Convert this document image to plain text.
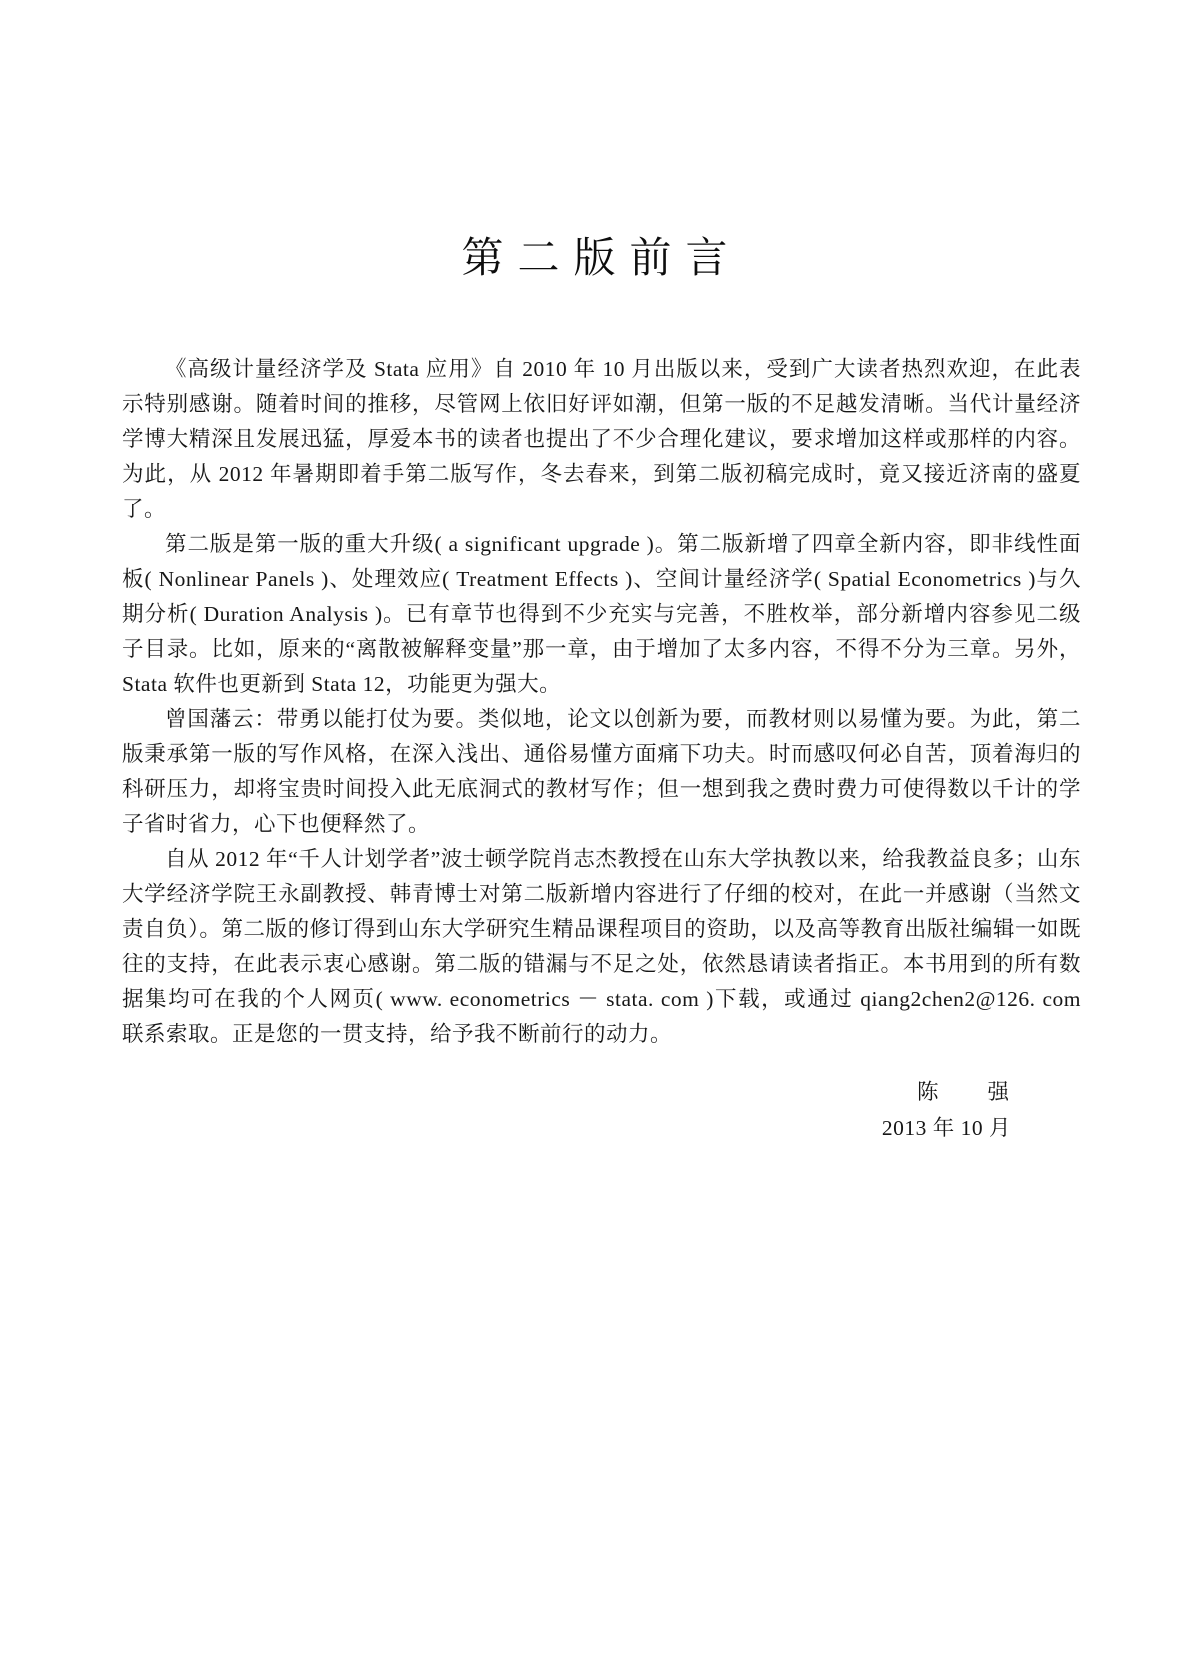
第二版前言

《高级计量经济学及 Stata 应用》自 2010 年 10 月出版以来，受到广大读者热烈欢迎，在此表示特别感谢。随着时间的推移，尽管网上依旧好评如潮，但第一版的不足越发清晰。当代计量经济学博大精深且发展迅猛，厚爱本书的读者也提出了不少合理化建议，要求增加这样或那样的内容。为此，从 2012 年暑期即着手第二版写作，冬去春来，到第二版初稿完成时，竟又接近济南的盛夏了。

第二版是第一版的重大升级( a significant upgrade )。第二版新增了四章全新内容，即非线性面板( Nonlinear Panels )、处理效应( Treatment Effects )、空间计量经济学( Spatial Econometrics )与久期分析( Duration Analysis )。已有章节也得到不少充实与完善，不胜枚举，部分新增内容参见二级子目录。比如，原来的“离散被解释变量”那一章，由于增加了太多内容，不得不分为三章。另外，Stata 软件也更新到 Stata 12，功能更为强大。

曾国藩云：带勇以能打仗为要。类似地，论文以创新为要，而教材则以易懂为要。为此，第二版秉承第一版的写作风格，在深入浅出、通俗易懂方面痛下功夫。时而感叹何必自苦，顶着海归的科研压力，却将宝贵时间投入此无底洞式的教材写作；但一想到我之费时费力可使得数以千计的学子省时省力，心下也便释然了。

自从 2012 年“千人计划学者”波士顿学院肖志杰教授在山东大学执教以来，给我教益良多；山东大学经济学院王永副教授、韩青博士对第二版新增内容进行了仔细的校对，在此一并感谢（当然文责自负）。第二版的修订得到山东大学研究生精品课程项目的资助，以及高等教育出版社编辑一如既往的支持，在此表示衷心感谢。第二版的错漏与不足之处，依然恳请读者指正。本书用到的所有数据集均可在我的个人网页( www. econometrics － stata. com )下载，或通过 qiang2chen2@126. com 联系索取。正是您的一贯支持，给予我不断前行的动力。

陈　　强
2013 年 10 月
